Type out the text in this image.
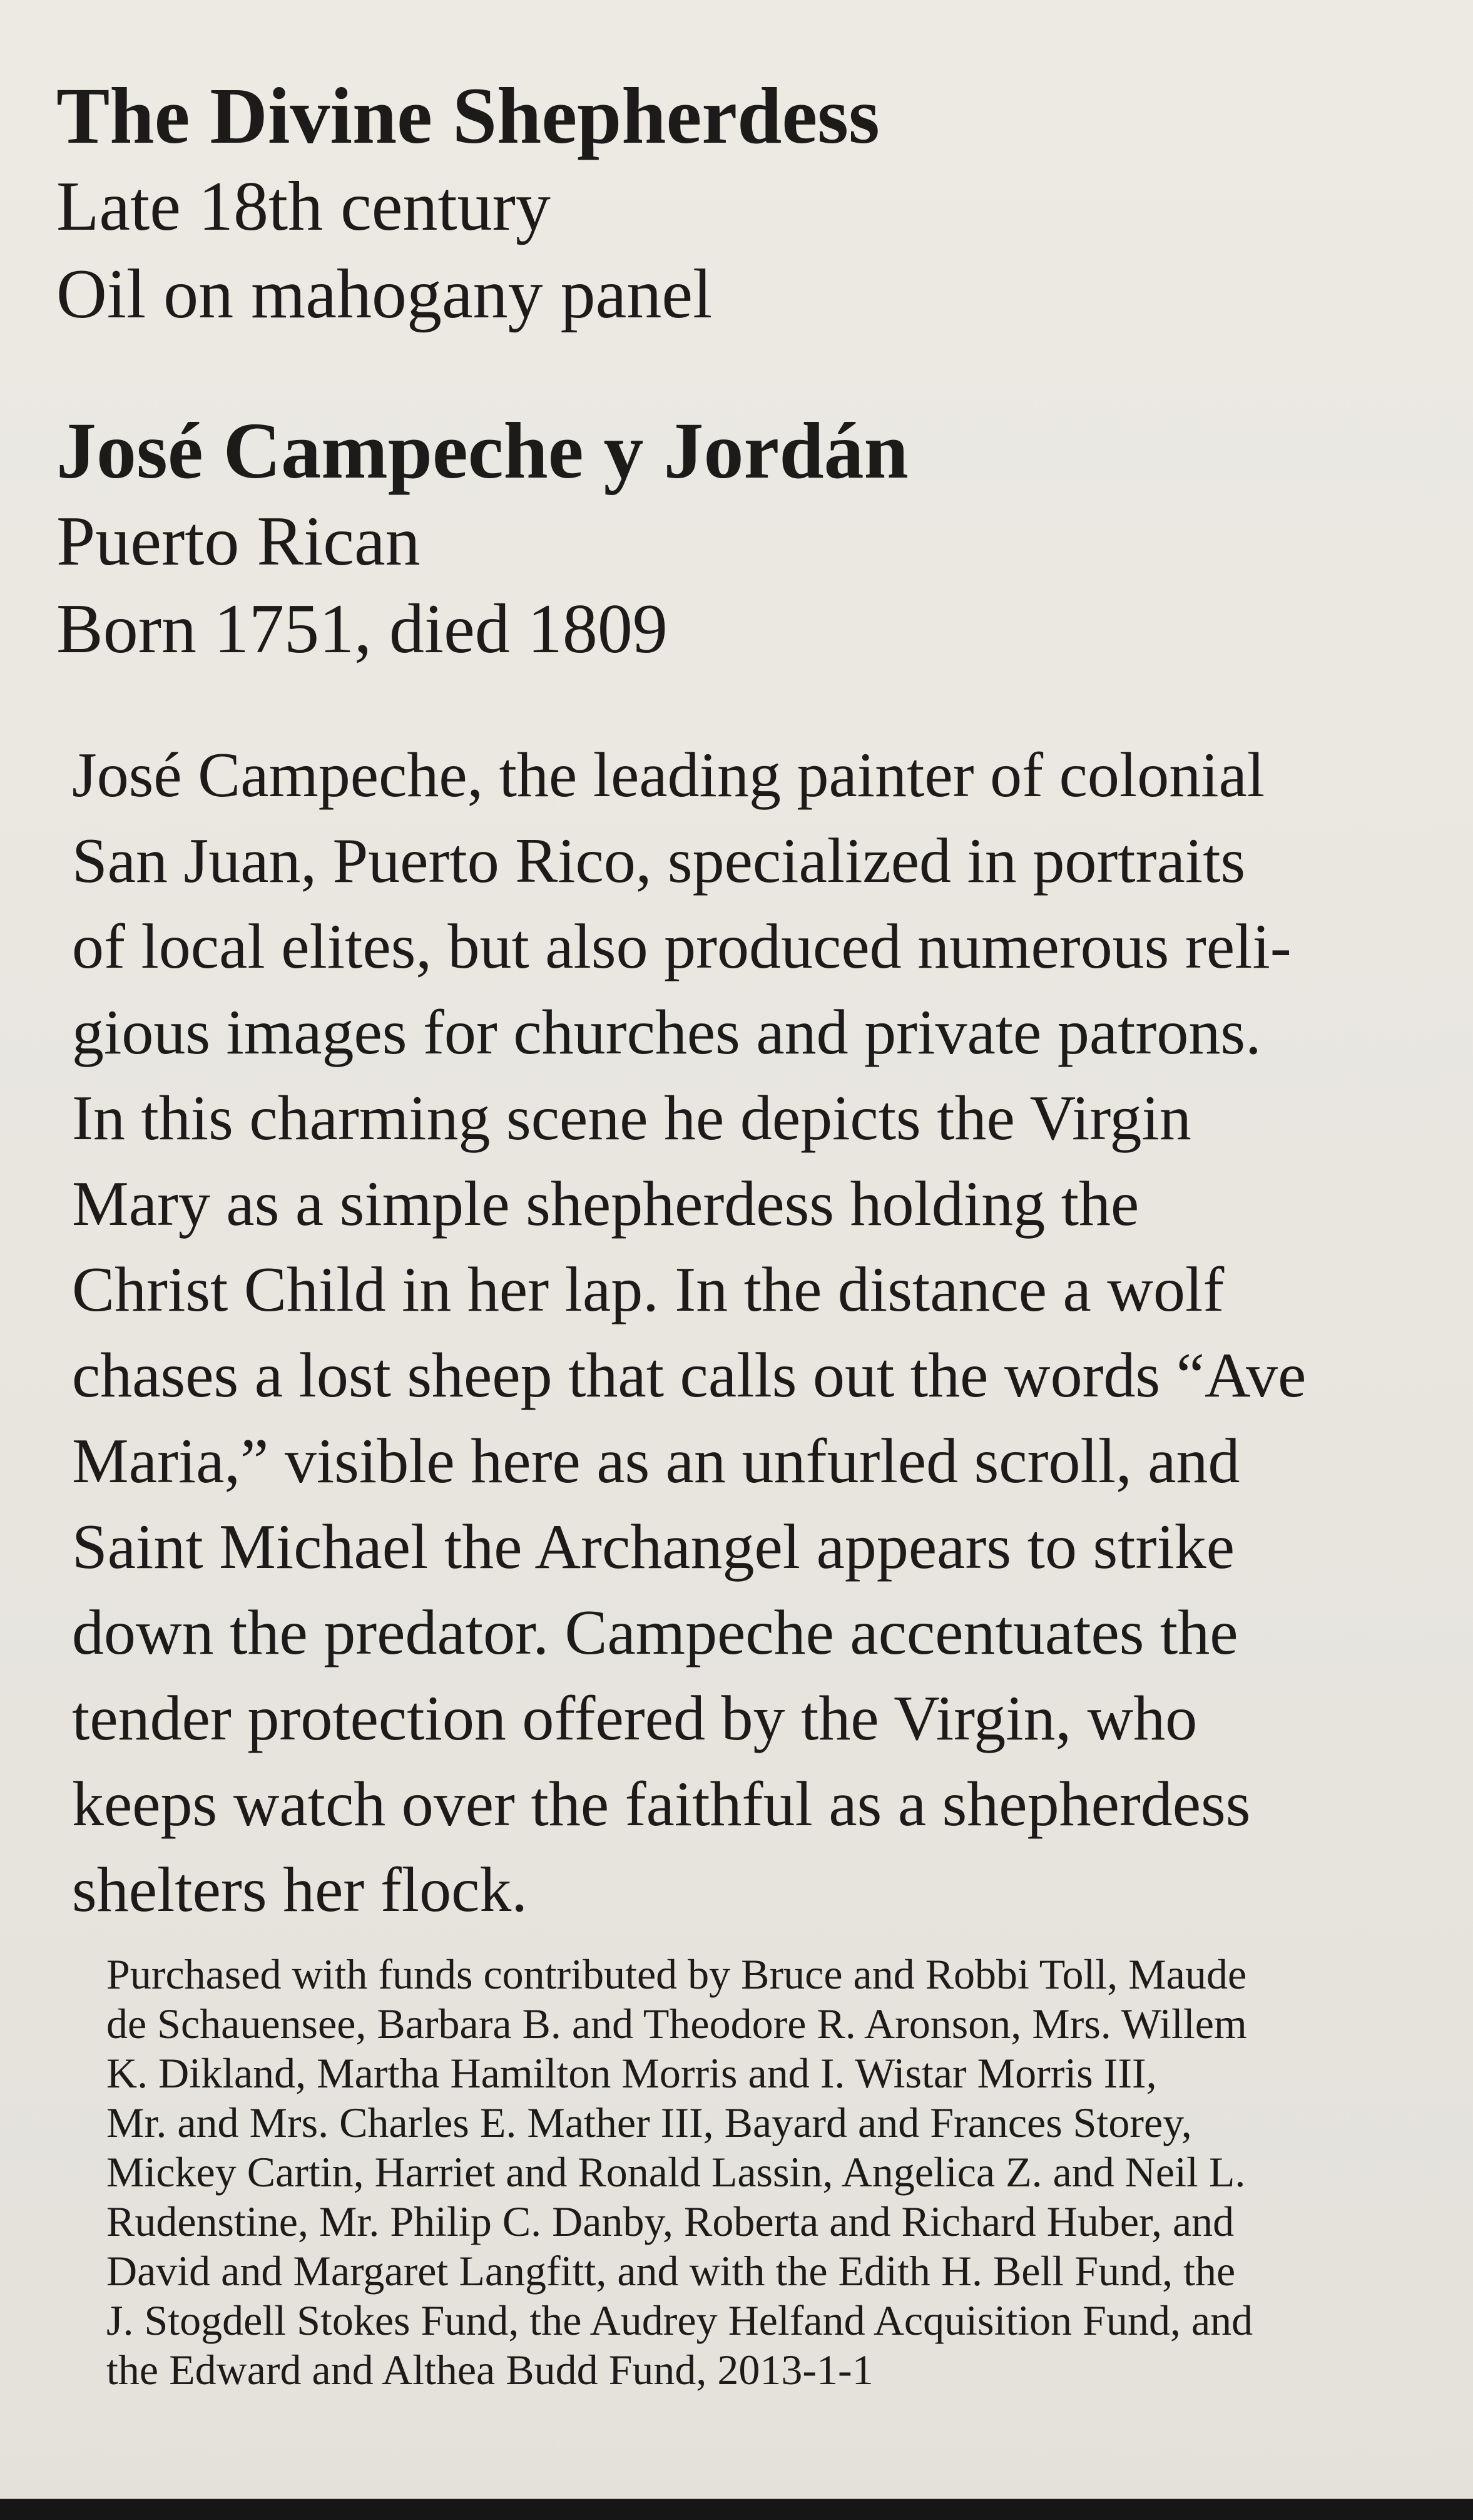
The Divine Shepherdess
Late 18th century
Oil on mahogany panel
José Campeche y Jordán
Puerto Rican
Born 1751, died 1809
José Campeche, the leading painter of colonial
San Juan, Puerto Rico, specialized in portraits
of local elites, but also produced numerous reli-
gious images for churches and private patrons.
In this charming scene he depicts the Virgin
Mary as a simple shepherdess holding the
Christ Child in her lap. In the distance a wolf
chases a lost sheep that calls out the words “Ave
Maria,” visible here as an unfurled scroll, and
Saint Michael the Archangel appears to strike
down the predator. Campeche accentuates the
tender protection offered by the Virgin, who
keeps watch over the faithful as a shepherdess
shelters her flock.
Purchased with funds contributed by Bruce and Robbi Toll, Maude
de Schauensee, Barbara B. and Theodore R. Aronson, Mrs. Willem
K. Dikland, Martha Hamilton Morris and I. Wistar Morris III,
Mr. and Mrs. Charles E. Mather III, Bayard and Frances Storey,
Mickey Cartin, Harriet and Ronald Lassin, Angelica Z. and Neil L.
Rudenstine, Mr. Philip C. Danby, Roberta and Richard Huber, and
David and Margaret Langfitt, and with the Edith H. Bell Fund, the
J. Stogdell Stokes Fund, the Audrey Helfand Acquisition Fund, and
the Edward and Althea Budd Fund, 2013-1-1
